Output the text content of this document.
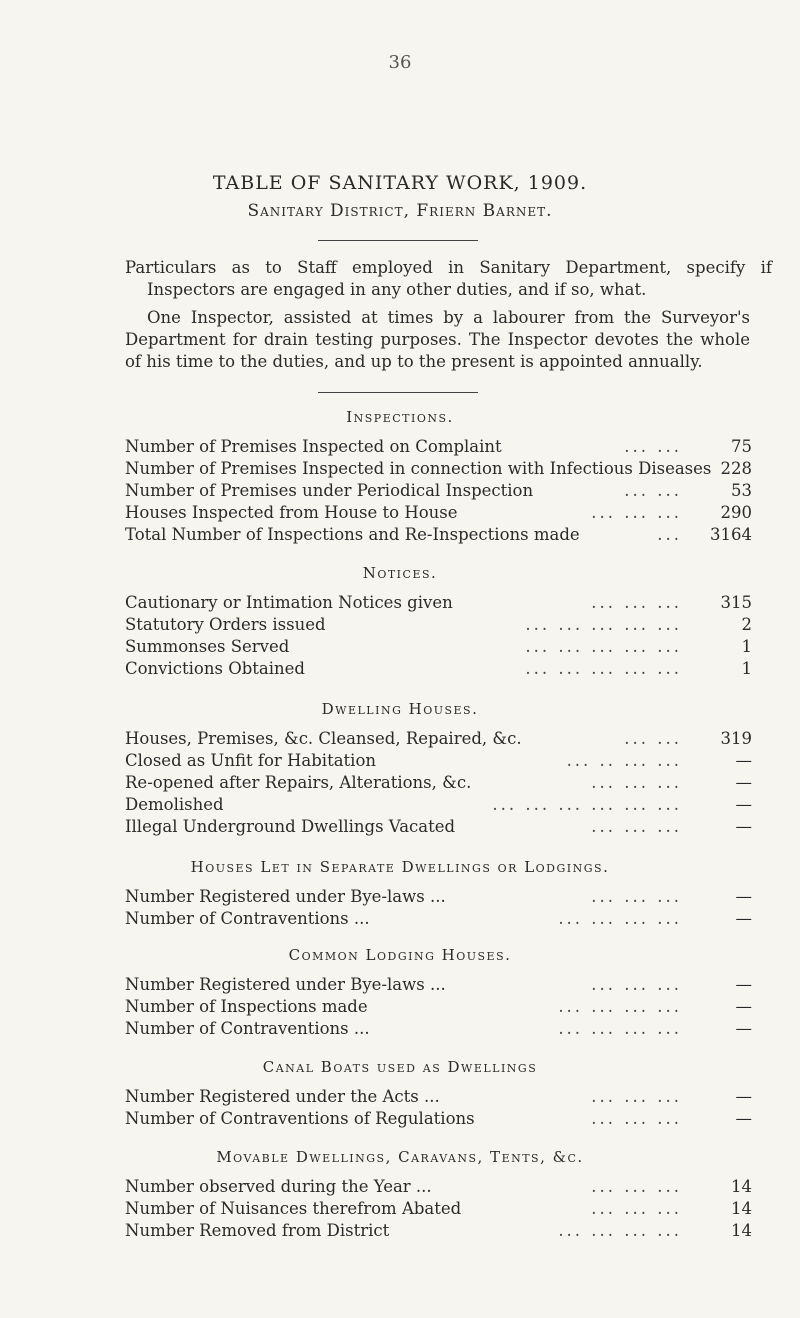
36
TABLE OF SANITARY WORK, 1909.
Sanitary District, Friern Barnet.
Particulars as to Staff employed in Sanitary Department, specify if Inspectors are engaged in any other duties, and if so, what.
One Inspector, assisted at times by a labourer from the Surveyor's Department for drain testing purposes. The Inspector devotes the whole of his time to the duties, and up to the present is appointed annually.
Inspections.
Number of Premises Inspected on Complaint	... ...	75
Number of Premises Inspected in connection with Infectious Diseases 228
Number of Premises under Periodical Inspection	... ...	53
Houses Inspected from House to House	... ... ... 290
Total Number of Inspections and Re-Inspections made	... 3164
Notices.
Cautionary or Intimation Notices given	... ... ... 315
Statutory Orders issued	... ... ... ... ...	2
Summonses Served	... ... ... ... ...	1
Convictions Obtained	... ... ... ... ...	1
Dwelling Houses.
Houses, Premises, &c. Cleansed, Repaired, &c.	... ... 319
Closed as Unfit for Habitation	... .. ... ...	—
Re-opened after Repairs, Alterations, &c.	... ... ...	—
Demolished	... ... ... ... ... ...	—
Illegal Underground Dwellings Vacated	... ... ...	—
Houses Let in Separate Dwellings or Lodgings.
Number Registered under Bye-laws ...	... ... ...	—
Number of Contraventions ...	... ... ... ...	—
Common Lodging Houses.
Number Registered under Bye-laws ...	... ... ...	—
Number of Inspections made	... ... ... ...	—
Number of Contraventions ...	... ... ... ...	—
Canal Boats used as Dwellings
Number Registered under the Acts ...	... ... ...	—
Number of Contraventions of Regulations	... ... ...	—
Movable Dwellings, Caravans, Tents, &c.
Number observed during the Year ...	... ... ...	14
Number of Nuisances therefrom Abated	... ... ...	14
Number Removed from District	... ... ... ...	14
